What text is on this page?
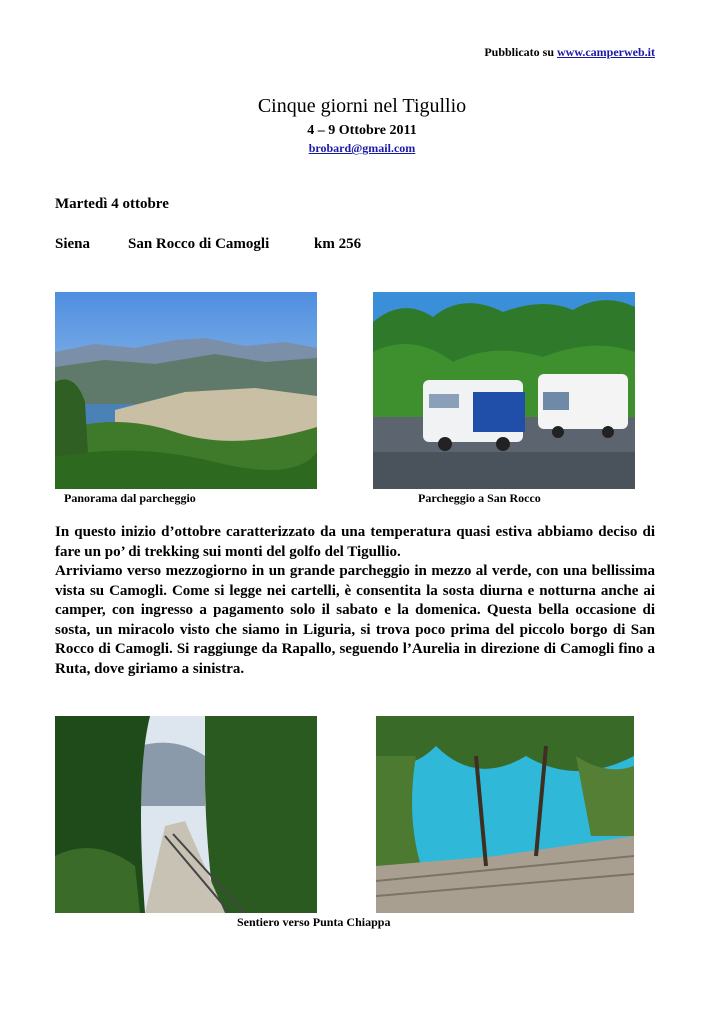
Pubblicato su www.camperweb.it
Cinque giorni nel Tigullio
4 – 9 Ottobre 2011
brobard@gmail.com
Martedì 4 ottobre
Siena	San Rocco di Camogli	km 256
Panorama dal parcheggio	Parcheggio a San Rocco

In questo inizio d’ottobre caratterizzato da una temperatura quasi estiva abbiamo deciso di fare un po’ di trekking sui monti del golfo del Tigullio.

Arriviamo verso mezzogiorno in un grande parcheggio in mezzo al verde, con una bellissima vista su Camogli. Come si legge nei cartelli, è consentita la sosta diurna e notturna anche ai camper, con ingresso a pagamento solo il sabato e la domenica. Questa bella occasione di sosta, un miracolo visto che siamo in Liguria, si trova poco prima del piccolo borgo di San Rocco di Camogli. Si raggiunge da Rapallo, seguendo l’Aurelia in direzione di Camogli fino a Ruta, dove giriamo a sinistra.

Sentiero verso Punta Chiappa
